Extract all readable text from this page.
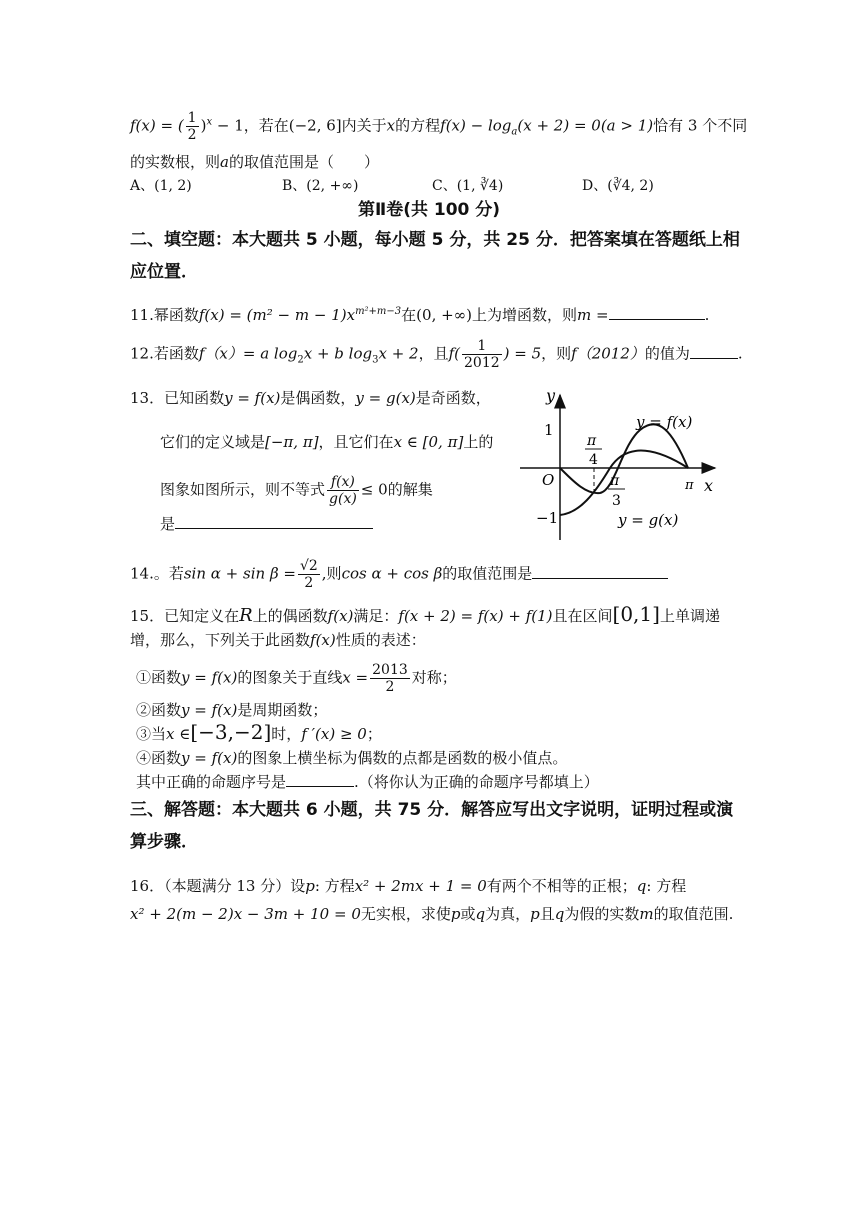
f(x) = ( $\frac{1}{2} )^x - 1$，若在(−2, 6]内关于x的方程$f(x) - \log_a(x + 2) = 0(a > 1)$恰有 3 个不同
的实数根，则a的取值范围是（　　）
A、(1, 2)	B、(2, +∞)	C、(1, ∛4)	D、(∛4, 2)
第Ⅱ卷(共 100 分)
二、填空题：本大题共 5 小题，每小题 5 分，共 25 分．把答案填在答题纸上相
应位置．
11.幂函数$f(x) = (m^2 - m - 1)x^{m^2+m-3}$在(0, +∞)上为增函数，则m =	.
12.若函数f（x）= a $\log_2x + b$ $\log_3x + 2$，且$f( \frac{1}{2012}$ ) = 5，则f（2012）的值为	.
13．已知函数y = f(x)是偶函数，y = g(x)是奇函数，
它们的定义域是[−π, π]，且它们在x ∈ [0, π]上的
图象如图所示，则不等式 $\frac{f(x)}{g(x)} \le 0$的解集
是
y
x
O
1
−1
π
4
π
3
π
y = f(x)
y = g(x)
14.。若$\sin \alpha + \sin \beta = \frac{√2}{2}$ ,则cos α + cos β的取值范围是
15．已知定义在R上的偶函数f(x)满足：f(x + 2) = f(x) + f(1)且在区间[0,1]上单调递
增，那么，下列关于此函数f(x)性质的表述：
①函数y = f(x)的图象关于直线$x = \frac{2013}{2}$ 对称；
②函数y = f(x)是周期函数；
③当x ∈[−3,−2]时，f ′(x) ≥ 0；
④函数y = f(x)的图象上横坐标为偶数的点都是函数的极小值点。
其中正确的命题序号是	.（将你认为正确的命题序号都填上）
三、解答题：本大题共 6 小题，共 75 分．解答应写出文字说明，证明过程或演
算步骤．
16．（本题满分 13 分）设p: 方程x² + 2mx + 1 = 0有两个不相等的正根；q: 方程
x² + 2(m − 2)x − 3m + 10 = 0无实根，求使p或q为真，p且q为假的实数m的取值范围.
